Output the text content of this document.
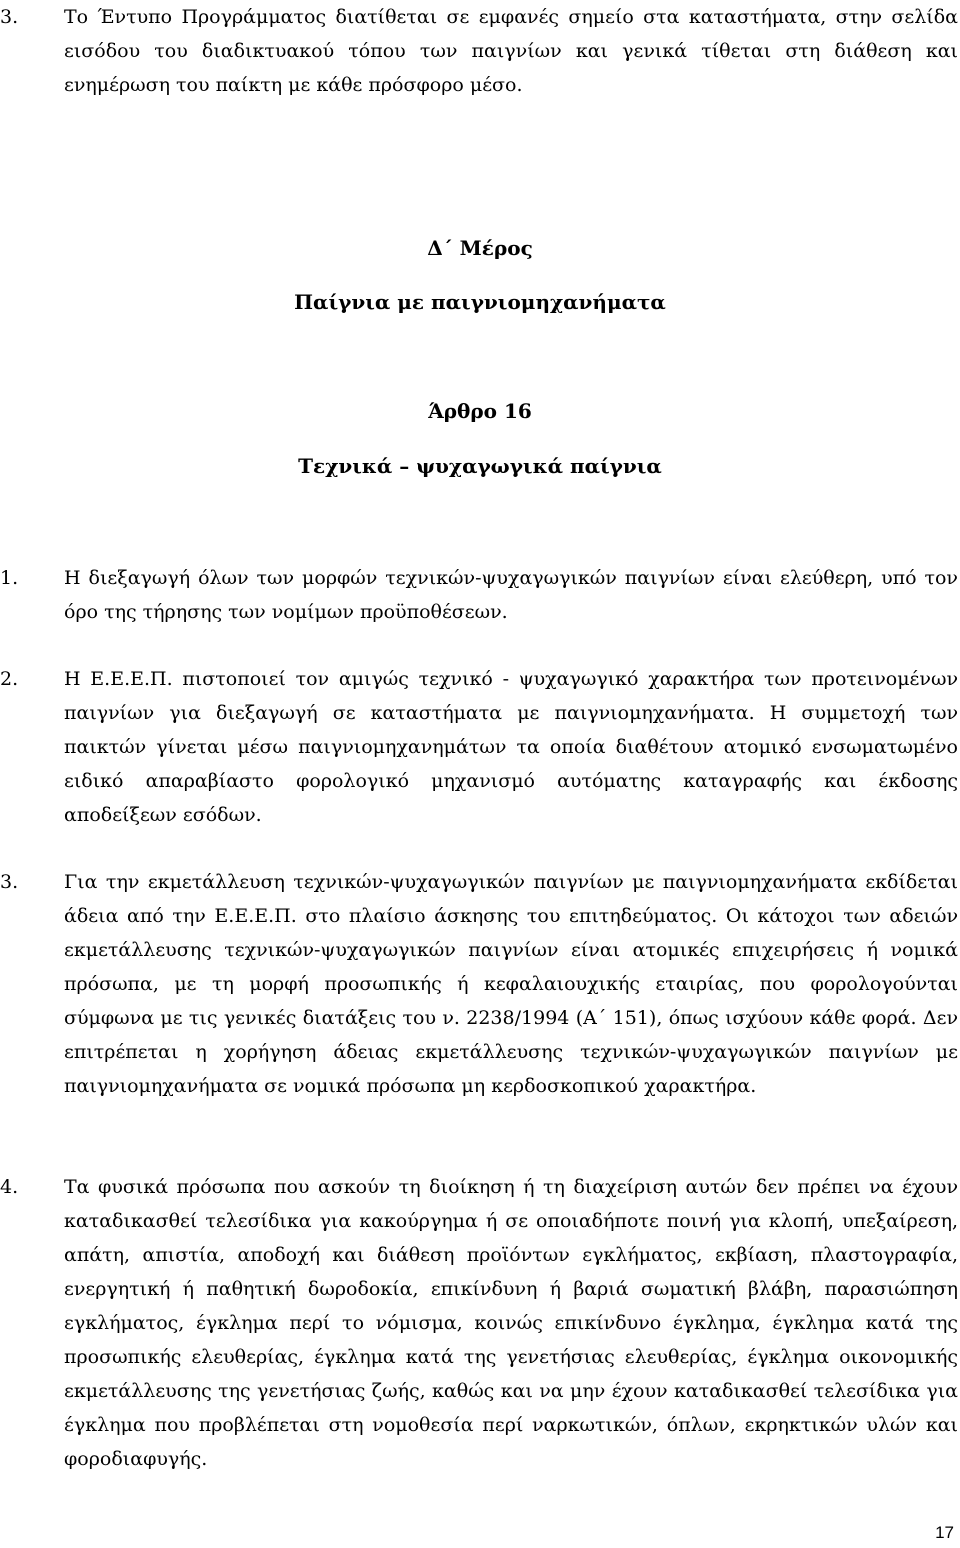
3. Το Έντυπο Προγράμματος διατίθεται σε εμφανές σημείο στα καταστήματα, στην σελίδα εισόδου του διαδικτυακού τόπου των παιγνίων και γενικά τίθεται στη διάθεση και ενημέρωση του παίκτη με κάθε πρόσφορο μέσο.
Δ΄ Μέρος
Παίγνια με παιγνιομηχανήματα
Άρθρο 16
Τεχνικά – ψυχαγωγικά παίγνια
1. Η διεξαγωγή όλων των μορφών τεχνικών-ψυχαγωγικών παιγνίων είναι ελεύθερη, υπό τον όρο της τήρησης των νομίμων προϋποθέσεων.
2. Η Ε.Ε.Ε.Π. πιστοποιεί τον αμιγώς τεχνικό - ψυχαγωγικό χαρακτήρα των προτεινομένων παιγνίων για διεξαγωγή σε καταστήματα με παιγνιομηχανήματα. Η συμμετοχή των παικτών γίνεται μέσω παιγνιομηχανημάτων τα οποία διαθέτουν ατομικό ενσωματωμένο ειδικό απαραβίαστο φορολογικό μηχανισμό αυτόματης καταγραφής και έκδοσης αποδείξεων εσόδων.
3. Για την εκμετάλλευση τεχνικών-ψυχαγωγικών παιγνίων με παιγνιομηχανήματα εκδίδεται άδεια από την Ε.Ε.Ε.Π. στο πλαίσιο άσκησης του επιτηδεύματος. Οι κάτοχοι των αδειών εκμετάλλευσης τεχνικών-ψυχαγωγικών παιγνίων είναι ατομικές επιχειρήσεις ή νομικά πρόσωπα, με τη μορφή προσωπικής ή κεφαλαιουχικής εταιρίας, που φορολογούνται σύμφωνα με τις γενικές διατάξεις του ν. 2238/1994 (Α΄ 151), όπως ισχύουν κάθε φορά. Δεν επιτρέπεται η χορήγηση άδειας εκμετάλλευσης τεχνικών-ψυχαγωγικών παιγνίων με παιγνιομηχανήματα σε νομικά πρόσωπα μη κερδοσκοπικού χαρακτήρα.
4. Τα φυσικά πρόσωπα που ασκούν τη διοίκηση ή τη διαχείριση αυτών δεν πρέπει να έχουν καταδικασθεί τελεσίδικα για κακούργημα ή σε οποιαδήποτε ποινή για κλοπή, υπεξαίρεση, απάτη, απιστία, αποδοχή και διάθεση προϊόντων εγκλήματος, εκβίαση, πλαστογραφία, ενεργητική ή παθητική δωροδοκία, επικίνδυνη ή βαριά σωματική βλάβη, παρασιώπηση εγκλήματος, έγκλημα περί το νόμισμα, κοινώς επικίνδυνο έγκλημα, έγκλημα κατά της προσωπικής ελευθερίας, έγκλημα κατά της γενετήσιας ελευθερίας, έγκλημα οικονομικής εκμετάλλευσης της γενετήσιας ζωής, καθώς και να μην έχουν καταδικασθεί τελεσίδικα για έγκλημα που προβλέπεται στη νομοθεσία περί ναρκωτικών, όπλων, εκρηκτικών υλών και φοροδιαφυγής.
17
